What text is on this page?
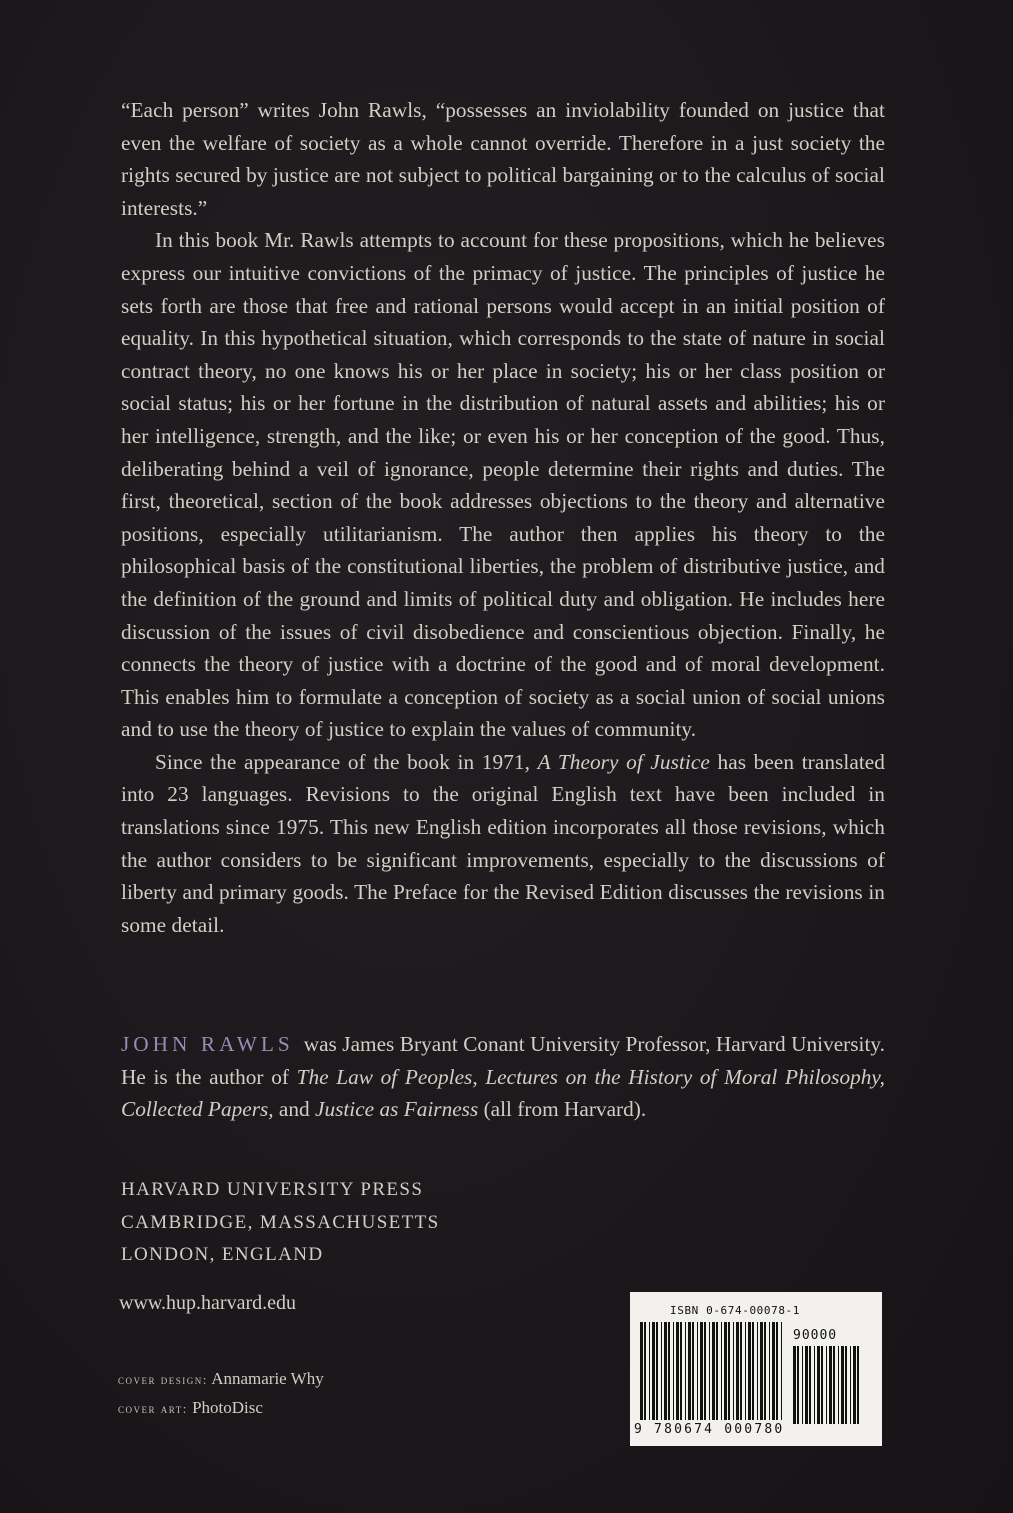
“Each person” writes John Rawls, “possesses an inviolability founded on justice that even the welfare of society as a whole cannot override. Therefore in a just society the rights secured by justice are not subject to political bargaining or to the calculus of social interests.”

In this book Mr. Rawls attempts to account for these propositions, which he believes express our intuitive convictions of the primacy of justice. The principles of justice he sets forth are those that free and rational persons would accept in an initial position of equality. In this hypothetical situation, which corresponds to the state of nature in social contract theory, no one knows his or her place in society; his or her class position or social status; his or her fortune in the distribution of natural assets and abilities; his or her intelligence, strength, and the like; or even his or her conception of the good. Thus, deliberating behind a veil of ignorance, people determine their rights and duties. The first, theoretical, section of the book addresses objections to the theory and alternative positions, especially utilitarianism. The author then applies his theory to the philosophical basis of the constitutional liberties, the problem of distributive justice, and the definition of the ground and limits of political duty and obligation. He includes here discussion of the issues of civil disobedience and conscientious objection. Finally, he connects the theory of justice with a doctrine of the good and of moral development. This enables him to formulate a conception of society as a social union of social unions and to use the theory of justice to explain the values of community.

Since the appearance of the book in 1971, A Theory of Justice has been translated into 23 languages. Revisions to the original English text have been included in translations since 1975. This new English edition incorporates all those revisions, which the author considers to be significant improvements, especially to the discussions of liberty and primary goods. The Preface for the Revised Edition discusses the revisions in some detail.

JOHN RAWLS was James Bryant Conant University Professor, Harvard University. He is the author of The Law of Peoples, Lectures on the History of Moral Philosophy, Collected Papers, and Justice as Fairness (all from Harvard).
HARVARD UNIVERSITY PRESS
CAMBRIDGE, MASSACHUSETTS
LONDON, ENGLAND
www.hup.harvard.edu
cover design: Annamarie Why
cover art: PhotoDisc
ISBN 0-674-00078-1
90000
9 780674 000780
